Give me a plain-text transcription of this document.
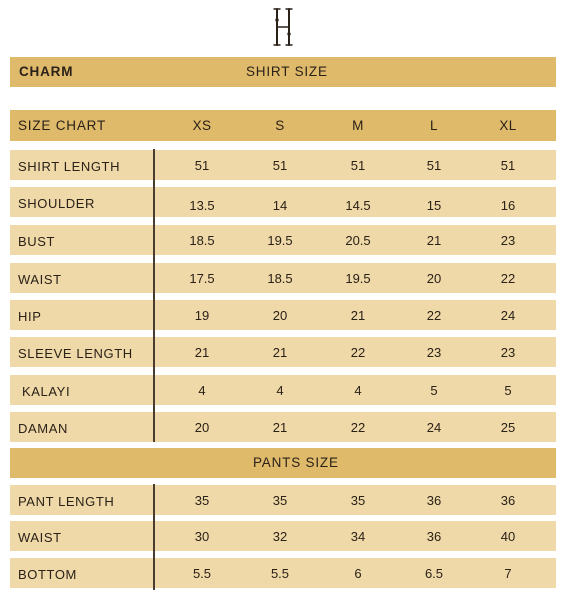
CHARM	SHIRT SIZE
SIZE CHART	XS	S	M	L	XL
SHIRT LENGTH	51	51	51	51	51
SHOULDER	13.5	14	14.5	15	16
BUST	18.5	19.5	20.5	21	23
WAIST	17.5	18.5	19.5	20	22
HIP	19	20	21	22	24
SLEEVE LENGTH	21	21	22	23	23
KALAYI	4	4	4	5	5
DAMAN	20	21	22	24	25
PANTS SIZE
PANT LENGTH	35	35	35	36	36
WAIST	30	32	34	36	40
BOTTOM	5.5	5.5	6	6.5	7
